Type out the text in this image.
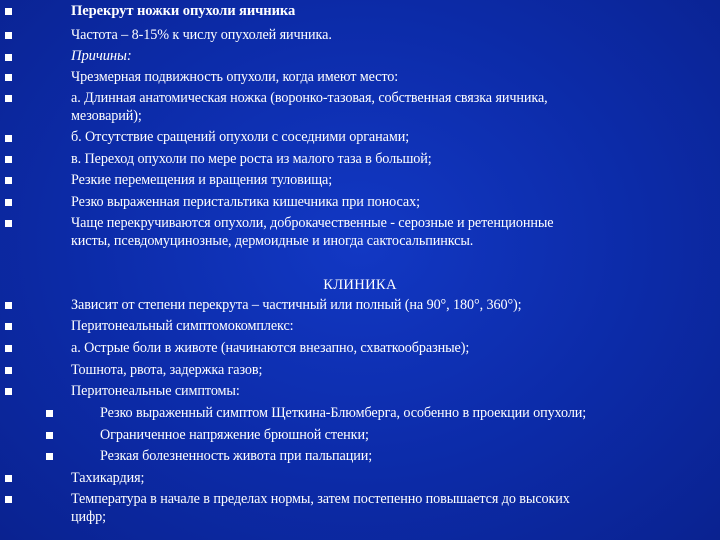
Перекрут ножки опухоли яичника
Частота – 8-15% к числу опухолей яичника.
Причины:
Чрезмерная подвижность опухоли, когда имеют место:
а. Длинная анатомическая ножка (воронко-тазовая, собственная связка яичника,
мезоварий);
б. Отсутствие сращений опухоли с соседними органами;
в. Переход опухоли по мере роста из малого таза в большой;
Резкие перемещения и вращения туловища;
Резко выраженная перистальтика кишечника при поносах;
Чаще перекручиваются опухоли, доброкачественные - серозные и ретенционные
кисты, псевдомуцинозные, дермоидные и иногда сактосальпинксы.
КЛИНИКА
Зависит от степени перекрута – частичный или полный (на 90°, 180°, 360°);
Перитонеальный симптомокомплекс:
а. Острые боли в животе (начинаются внезапно, схваткообразные);
Тошнота, рвота, задержка газов;
Перитонеальные симптомы:
Резко выраженный симптом Щеткина-Блюмберга, особенно в проекции опухоли;
Ограниченное напряжение брюшной стенки;
Резкая болезненность живота при пальпации;
Тахикардия;
Температура в начале в пределах нормы, затем постепенно повышается до высоких
цифр;
